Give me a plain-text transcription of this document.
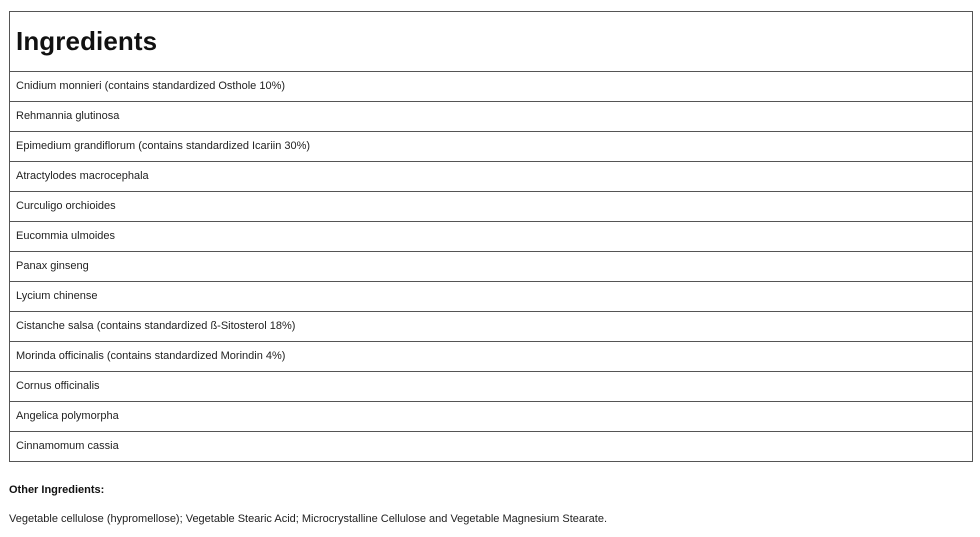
Ingredients
Cnidium monnieri (contains standardized Osthole 10%)
Rehmannia glutinosa
Epimedium grandiflorum (contains standardized Icariin 30%)
Atractylodes macrocephala
Curculigo orchioides
Eucommia ulmoides
Panax ginseng
Lycium chinense
Cistanche salsa (contains standardized ß-Sitosterol 18%)
Morinda officinalis (contains standardized Morindin 4%)
Cornus officinalis
Angelica polymorpha
Cinnamomum cassia

Other Ingredients:

Vegetable cellulose (hypromellose); Vegetable Stearic Acid; Microcrystalline Cellulose and Vegetable Magnesium Stearate.
